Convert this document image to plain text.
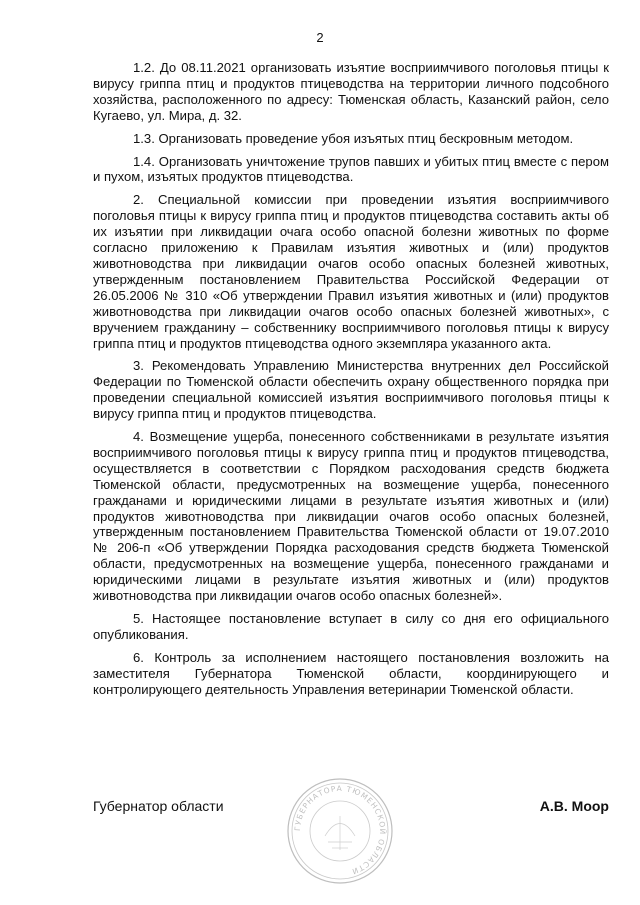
2

1.2. До 08.11.2021 организовать изъятие восприимчивого поголовья птицы к вирусу гриппа птиц и продуктов птицеводства на территории личного подсобного хозяйства, расположенного по адресу: Тюменская область, Казанский район, село Кугаево, ул. Мира, д. 32.

1.3. Организовать проведение убоя изъятых птиц бескровным методом.

1.4. Организовать уничтожение трупов павших и убитых птиц вместе с пером и пухом, изъятых продуктов птицеводства.

2. Специальной комиссии при проведении изъятия восприимчивого поголовья птицы к вирусу гриппа птиц и продуктов птицеводства составить акты об их изъятии при ликвидации очага особо опасной болезни животных по форме согласно приложению к Правилам изъятия животных и (или) продуктов животноводства при ликвидации очагов особо опасных болезней животных, утвержденным постановлением Правительства Российской Федерации от 26.05.2006 № 310 «Об утверждении Правил изъятия животных и (или) продуктов животноводства при ликвидации очагов особо опасных болезней животных», с вручением гражданину – собственнику восприимчивого поголовья птицы к вирусу гриппа птиц и продуктов птицеводства одного экземпляра указанного акта.

3. Рекомендовать Управлению Министерства внутренних дел Российской Федерации по Тюменской области обеспечить охрану общественного порядка при проведении специальной комиссией изъятия восприимчивого поголовья птицы к вирусу гриппа птиц и продуктов птицеводства.

4. Возмещение ущерба, понесенного собственниками в результате изъятия восприимчивого поголовья птицы к вирусу гриппа птиц и продуктов птицеводства, осуществляется в соответствии с Порядком расходования средств бюджета Тюменской области, предусмотренных на возмещение ущерба, понесенного гражданами и юридическими лицами в результате изъятия животных и (или) продуктов животноводства при ликвидации очагов особо опасных болезней, утвержденным постановлением Правительства Тюменской области от 19.07.2010 № 206-п «Об утверждении Порядка расходования средств бюджета Тюменской области, предусмотренных на возмещение ущерба, понесенного гражданами и юридическими лицами в результате изъятия животных и (или) продуктов животноводства при ликвидации очагов особо опасных болезней».

5. Настоящее постановление вступает в силу со дня его официального опубликования.

6. Контроль за исполнением настоящего постановления возложить на заместителя Губернатора Тюменской области, координирующего и контролирующего деятельность Управления ветеринарии Тюменской области.

Губернатор области
ГУБЕРНАТОРА ТЮМЕНСКОЙ ОБЛАСТИ
А.В. Моор
